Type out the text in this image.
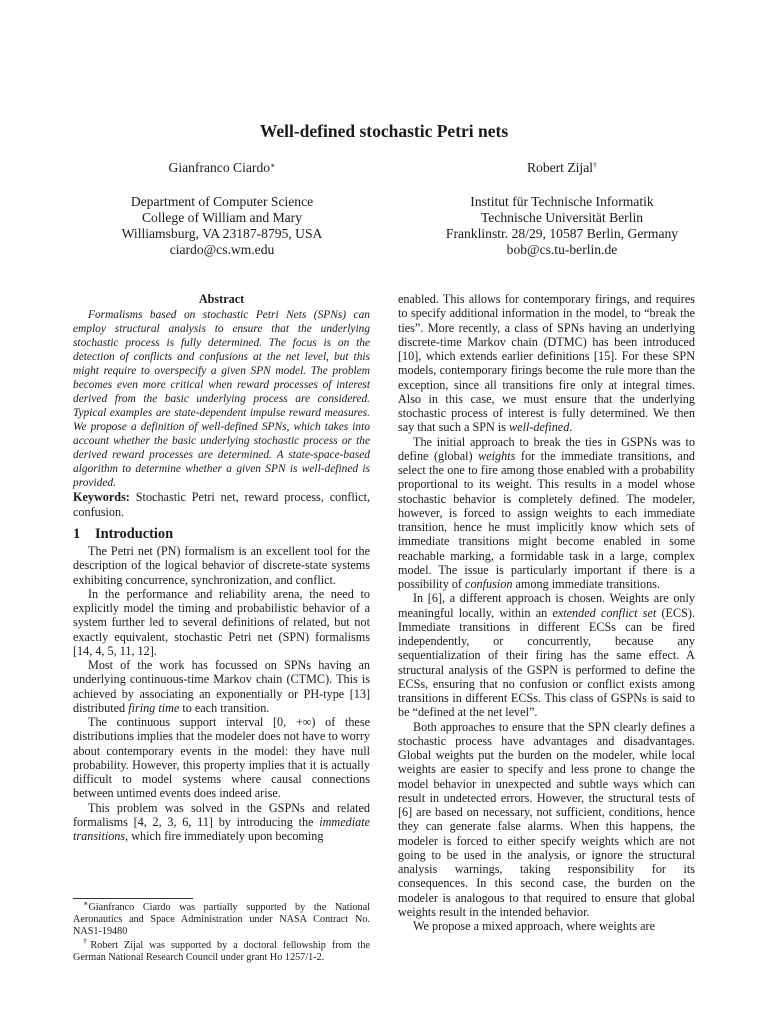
Well-defined stochastic Petri nets
Gianfranco Ciardo∗
Department of Computer Science
College of William and Mary
Williamsburg, VA 23187-8795, USA
ciardo@cs.wm.edu
Robert Zijal†
Institut für Technische Informatik
Technische Universität Berlin
Franklinstr. 28/29, 10587 Berlin, Germany
bob@cs.tu-berlin.de
Abstract

Formalisms based on stochastic Petri Nets (SPNs) can employ structural analysis to ensure that the underlying stochastic process is fully determined. The focus is on the detection of conflicts and confusions at the net level, but this might require to overspecify a given SPN model. The problem becomes even more critical when reward processes of interest derived from the basic underlying process are considered. Typical examples are state-dependent impulse reward measures. We propose a definition of well-defined SPNs, which takes into account whether the basic underlying stochastic process or the derived reward processes are determined. A state-space-based algorithm to determine whether a given SPN is well-defined is provided.

Keywords: Stochastic Petri net, reward process, conflict, confusion.

1 Introduction

The Petri net (PN) formalism is an excellent tool for the description of the logical behavior of discrete-state systems exhibiting concurrence, synchronization, and conflict.

In the performance and reliability arena, the need to explicitly model the timing and probabilistic behavior of a system further led to several definitions of related, but not exactly equivalent, stochastic Petri net (SPN) formalisms [14, 4, 5, 11, 12].

Most of the work has focussed on SPNs having an underlying continuous-time Markov chain (CTMC). This is achieved by associating an exponentially or PH-type [13] distributed firing time to each transition.

The continuous support interval [0, +∞) of these distributions implies that the modeler does not have to worry about contemporary events in the model: they have null probability. However, this property implies that it is actually difficult to model systems where causal connections between untimed events does indeed arise.

This problem was solved in the GSPNs and related formalisms [4, 2, 3, 6, 11] by introducing the immediate transitions, which fire immediately upon becoming

enabled. This allows for contemporary firings, and requires to specify additional information in the model, to “break the ties”. More recently, a class of SPNs having an underlying discrete-time Markov chain (DTMC) has been introduced [10], which extends earlier definitions [15]. For these SPN models, contemporary firings become the rule more than the exception, since all transitions fire only at integral times. Also in this case, we must ensure that the underlying stochastic process of interest is fully determined. We then say that such a SPN is well-defined.

The initial approach to break the ties in GSPNs was to define (global) weights for the immediate transitions, and select the one to fire among those enabled with a probability proportional to its weight. This results in a model whose stochastic behavior is completely defined. The modeler, however, is forced to assign weights to each immediate transition, hence he must implicitly know which sets of immediate transitions might become enabled in some reachable marking, a formidable task in a large, complex model. The issue is particularly important if there is a possibility of confusion among immediate transitions.

In [6], a different approach is chosen. Weights are only meaningful locally, within an extended conflict set (ECS). Immediate transitions in different ECSs can be fired independently, or concurrently, because any sequentialization of their firing has the same effect. A structural analysis of the GSPN is performed to define the ECSs, ensuring that no confusion or conflict exists among transitions in different ECSs. This class of GSPNs is said to be “defined at the net level”.

Both approaches to ensure that the SPN clearly defines a stochastic process have advantages and disadvantages. Global weights put the burden on the modeler, while local weights are easier to specify and less prone to change the model behavior in unexpected and subtle ways which can result in undetected errors. However, the structural tests of [6] are based on necessary, not sufficient, conditions, hence they can generate false alarms. When this happens, the modeler is forced to either specify weights which are not going to be used in the analysis, or ignore the structural analysis warnings, taking responsibility for its consequences. In this second case, the burden on the modeler is analogous to that required to ensure that global weights result in the intended behavior.

We propose a mixed approach, where weights are

∗Gianfranco Ciardo was partially supported by the National Aeronautics and Space Administration under NASA Contract No. NAS1-19480

†Robert Zijal was supported by a doctoral fellowship from the German National Research Council under grant Ho 1257/1-2.
